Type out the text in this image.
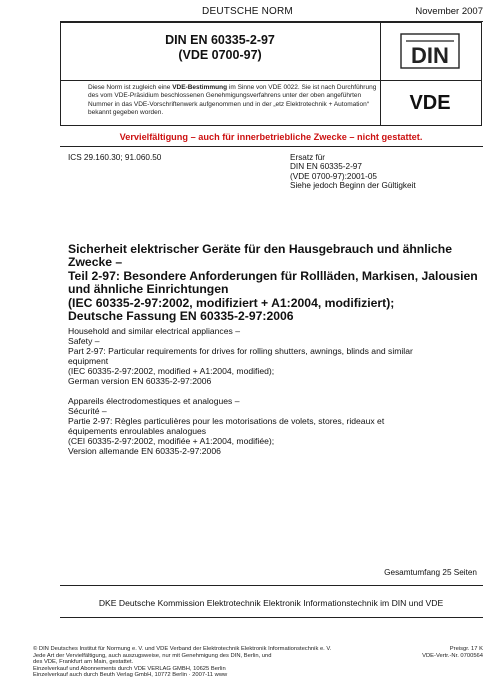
DEUTSCHE NORM	November 2007
DIN EN 60335-2-97
(VDE 0700-97)	DIN
Diese Norm ist zugleich eine VDE-Bestimmung im Sinne von VDE 0022. Sie ist nach Durchführung des vom VDE-Präsidium beschlossenen Genehmigungsverfahrens unter der oben angeführten Nummer in das VDE-Vorschriftenwerk aufgenommen und in der „etz Elektrotechnik + Automation“ bekannt gegeben worden.	VDE
Vervielfältigung – auch für innerbetriebliche Zwecke – nicht gestattet.
ICS 29.160.30; 91.060.50	Ersatz für
DIN EN 60335-2-97
(VDE 0700-97):2001-05
Siehe jedoch Beginn der Gültigkeit
Sicherheit elektrischer Geräte für den Hausgebrauch und ähnliche
Zwecke –
Teil 2-97: Besondere Anforderungen für Rollläden, Markisen, Jalousien
und ähnliche Einrichtungen
(IEC 60335-2-97:2002, modifiziert + A1:2004, modifiziert);
Deutsche Fassung EN 60335-2-97:2006
Household and similar electrical appliances –
Safety –
Part 2-97: Particular requirements for drives for rolling shutters, awnings, blinds and similar
equipment
(IEC 60335-2-97:2002, modified + A1:2004, modified);
German version EN 60335-2-97:2006
Appareils électrodomestiques et analogues –
Sécurité –
Partie 2-97: Règles particulières pour les motorisations de volets, stores, rideaux et
équipements enroulables analogues
(CEI 60335-2-97:2002, modifiée + A1:2004, modifiée);
Version allemande EN 60335-2-97:2006
Gesamtumfang 25 Seiten
DKE Deutsche Kommission Elektrotechnik Elektronik Informationstechnik im DIN und VDE
© DIN Deutsches Institut für Normung e. V. und VDE Verband der Elektrotechnik Elektronik Informationstechnik e. V.
Jede Art der Vervielfältigung, auch auszugsweise, nur mit Genehmigung des DIN, Berlin, und
des VDE, Frankfurt am Main, gestattet.
Einzelverkauf und Abonnements durch VDE VERLAG GMBH, 10625 Berlin
Einzelverkauf auch durch Beuth Verlag GmbH, 10772 Berlin · 2007-11 www
Preisgr. 17 K
VDE-Vertr.-Nr. 0700564
